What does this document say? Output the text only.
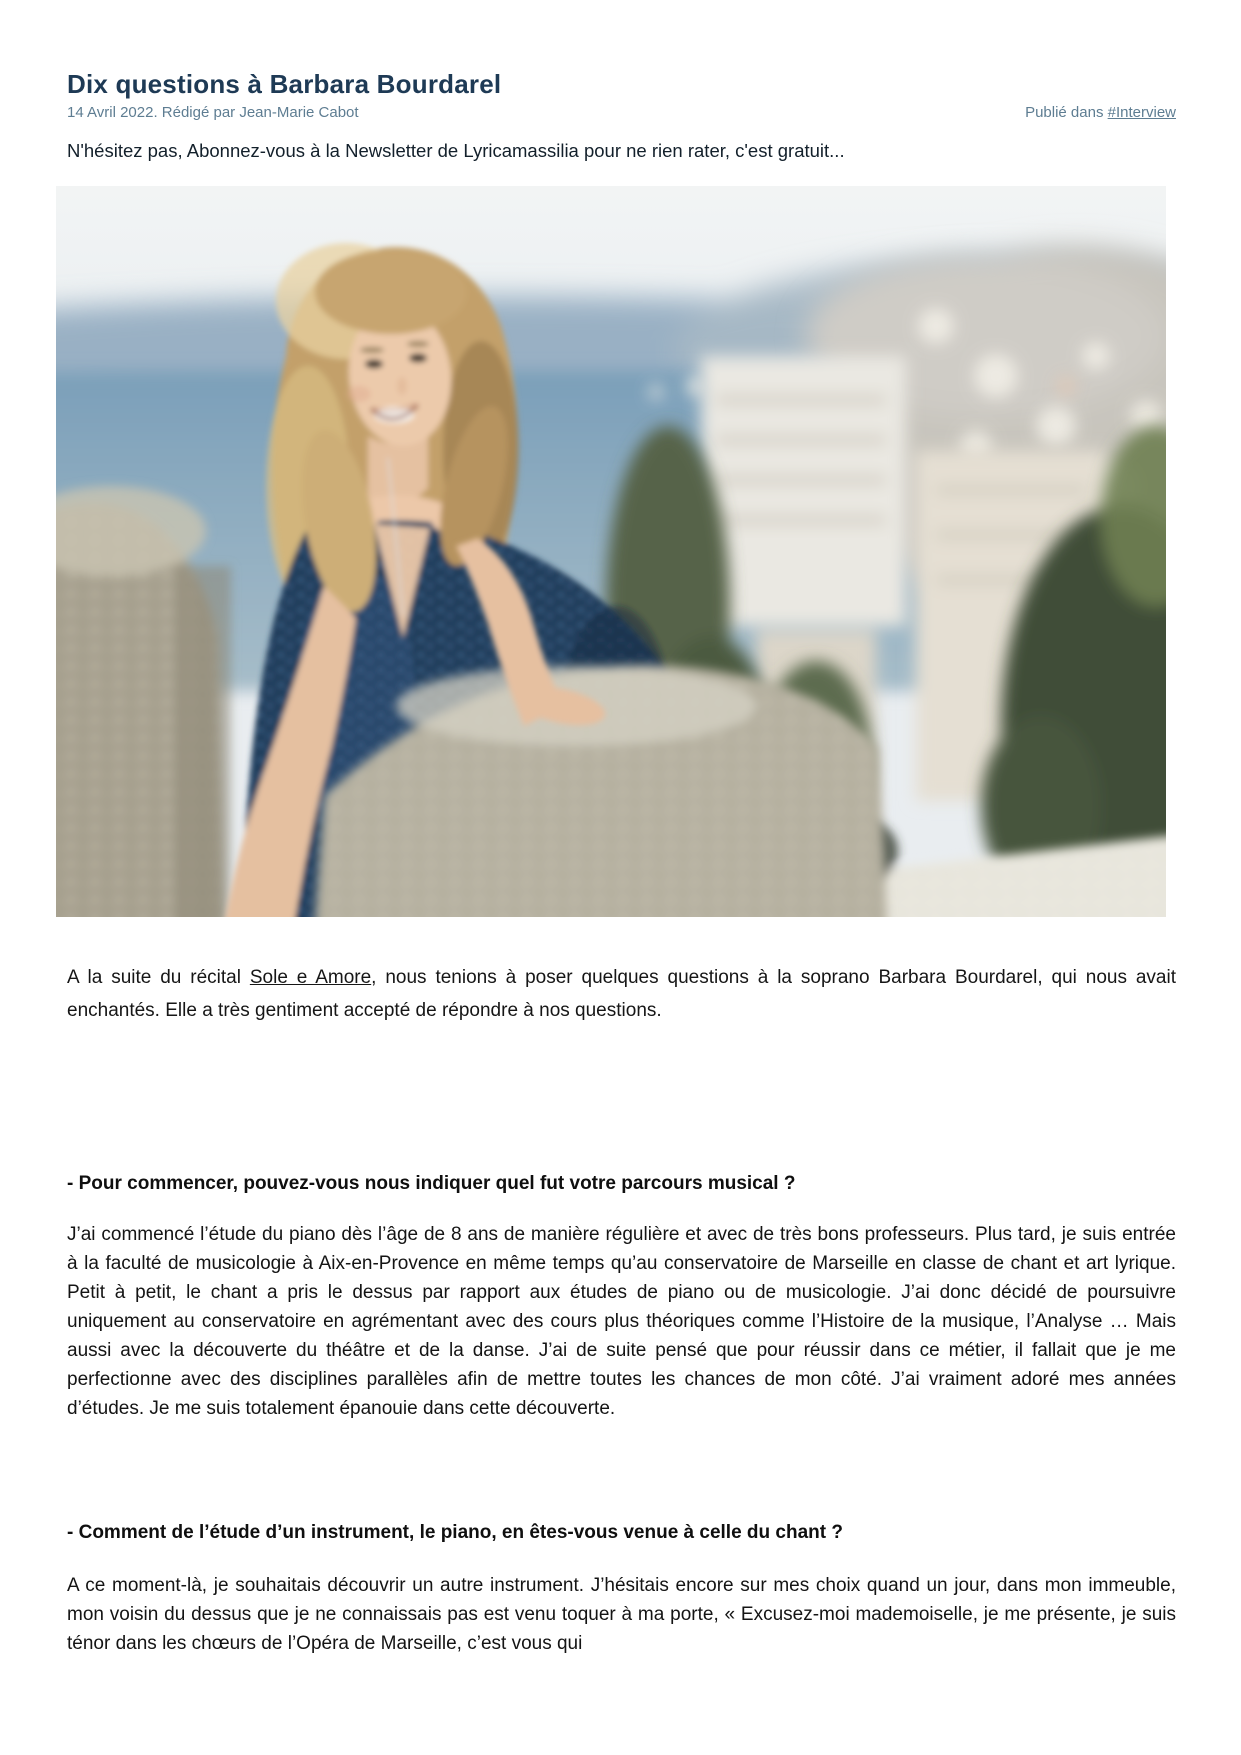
Dix questions à Barbara Bourdarel
14 Avril 2022. Rédigé par Jean-Marie Cabot	Publié dans #Interview

N'hésitez pas, Abonnez-vous à la Newsletter de Lyricamassilia pour ne rien rater, c'est gratuit...

A la suite du récital Sole e Amore, nous tenions à poser quelques questions à la soprano Barbara Bourdarel, qui nous avait enchantés. Elle a très gentiment accepté de répondre à nos questions.

- Pour commencer, pouvez-vous nous indiquer quel fut votre parcours musical ?

J’ai commencé l’étude du piano dès l’âge de 8 ans de manière régulière et avec de très bons professeurs. Plus tard, je suis entrée à la faculté de musicologie à Aix-en-Provence en même temps qu’au conservatoire de Marseille en classe de chant et art lyrique. Petit à petit, le chant a pris le dessus par rapport aux études de piano ou de musicologie. J’ai donc décidé de poursuivre uniquement au conservatoire en agrémentant avec des cours plus théoriques comme l’Histoire de la musique, l’Analyse … Mais aussi avec la découverte du théâtre et de la danse. J’ai de suite pensé que pour réussir dans ce métier, il fallait que je me perfectionne avec des disciplines parallèles afin de mettre toutes les chances de mon côté. J’ai vraiment adoré mes années d’études. Je me suis totalement épanouie dans cette découverte.

- Comment de l’étude d’un instrument, le piano, en êtes-vous venue à celle du chant ?

A ce moment-là, je souhaitais découvrir un autre instrument. J’hésitais encore sur mes choix quand un jour, dans mon immeuble, mon voisin du dessus que je ne connaissais pas est venu toquer à ma porte, « Excusez-moi mademoiselle, je me présente, je suis ténor dans les chœurs de l’Opéra de Marseille, c’est vous qui
